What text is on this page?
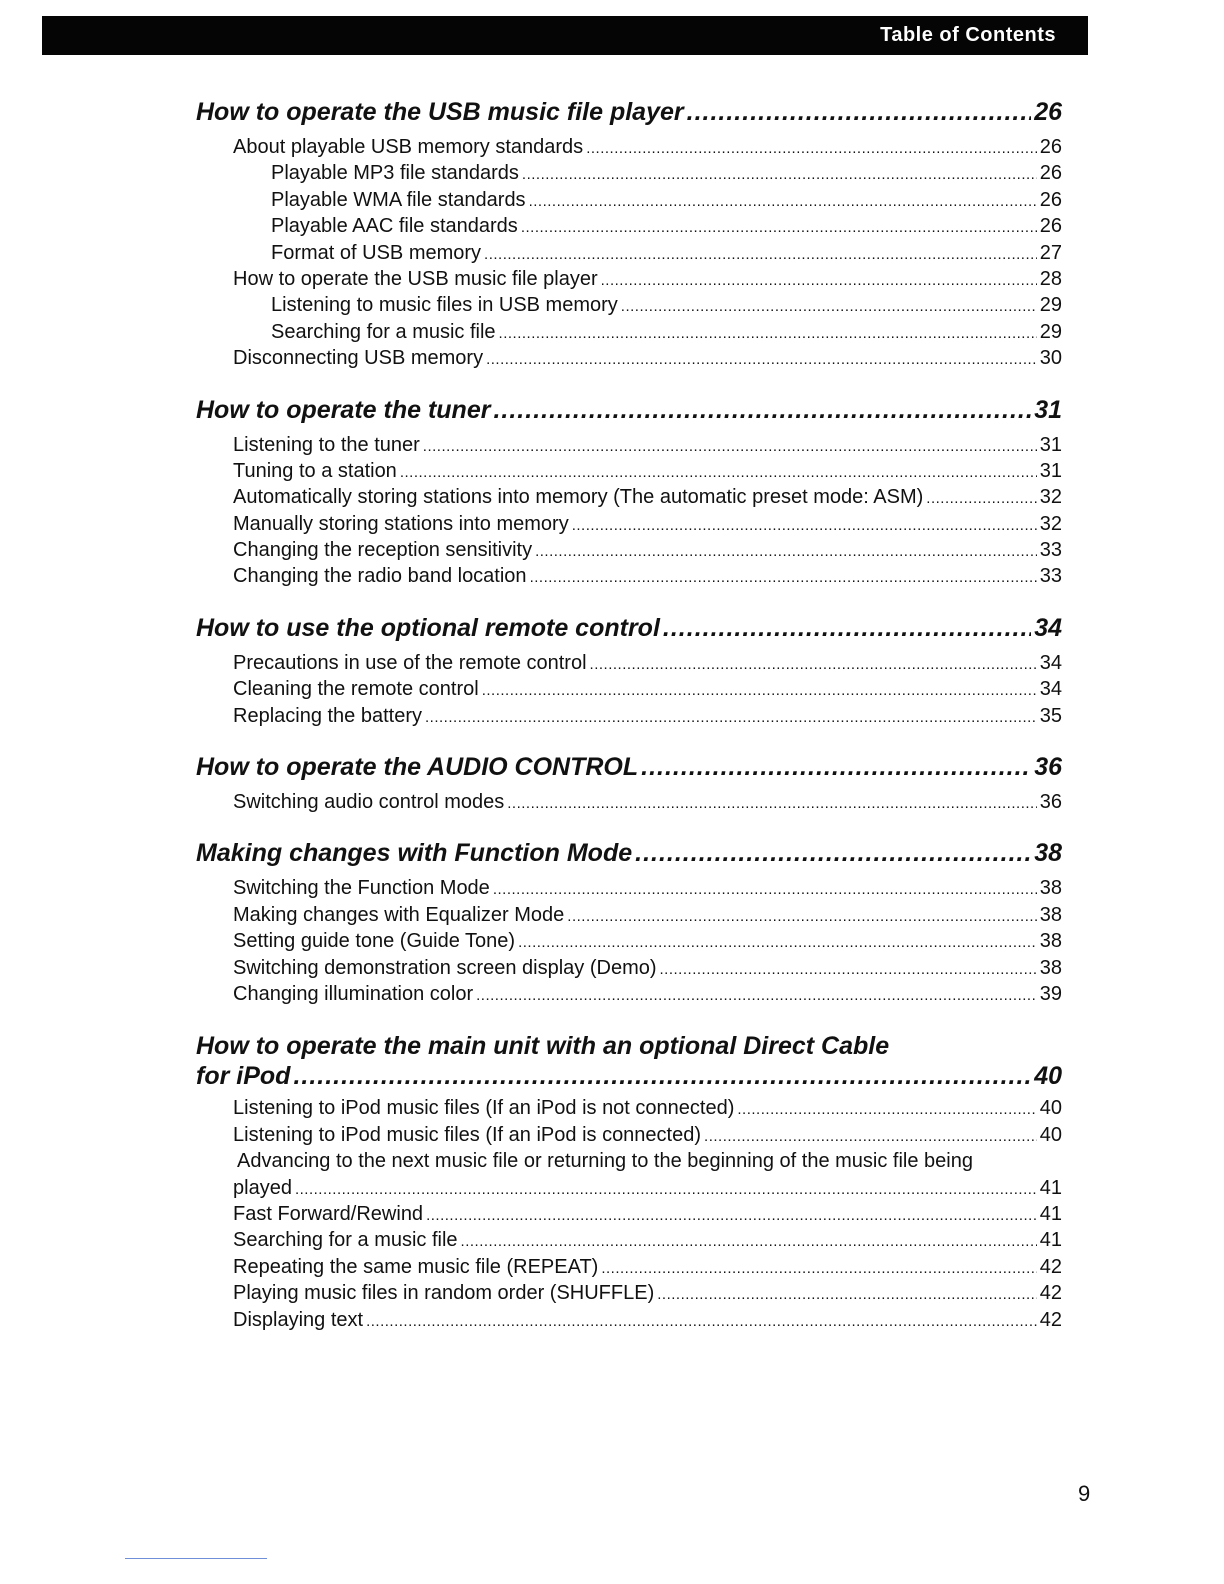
Table of Contents
How to operate the USB music file player .....	26
About playable USB memory standards .....	26
Playable MP3 file standards .....	26
Playable WMA file standards .....	26
Playable AAC file standards .....	26
Format of USB memory .....	27
How to operate the USB music file player .....	28
Listening to music files in USB memory .....	29
Searching for a music file .....	29
Disconnecting USB memory .....	30
How to operate the tuner .....	31
Listening to the tuner .....	31
Tuning to a station .....	31
Automatically storing stations into memory (The automatic preset mode: ASM) .....	32
Manually storing stations into memory .....	32
Changing the reception sensitivity .....	33
Changing the radio band location .....	33
How to use the optional remote control .....	34
Precautions in use of the remote control .....	34
Cleaning the remote control .....	34
Replacing the battery .....	35
How to operate the AUDIO CONTROL .....	36
Switching audio control modes .....	36
Making changes with Function Mode .....	38
Switching the Function Mode .....	38
Making changes with Equalizer Mode .....	38
Setting guide tone (Guide Tone) .....	38
Switching demonstration screen display (Demo) .....	38
Changing illumination color .....	39
How to operate the main unit with an optional Direct Cable
for iPod .....	40
Listening to iPod music files (If an iPod is not connected) .....	40
Listening to iPod music files (If an iPod is connected) .....	40
Advancing to the next music file or returning to the beginning of the music file being
played .....	41
Fast Forward/Rewind .....	41
Searching for a music file .....	41
Repeating the same music file (REPEAT) .....	42
Playing music files in random order (SHUFFLE) .....	42
Displaying text .....	42
9
